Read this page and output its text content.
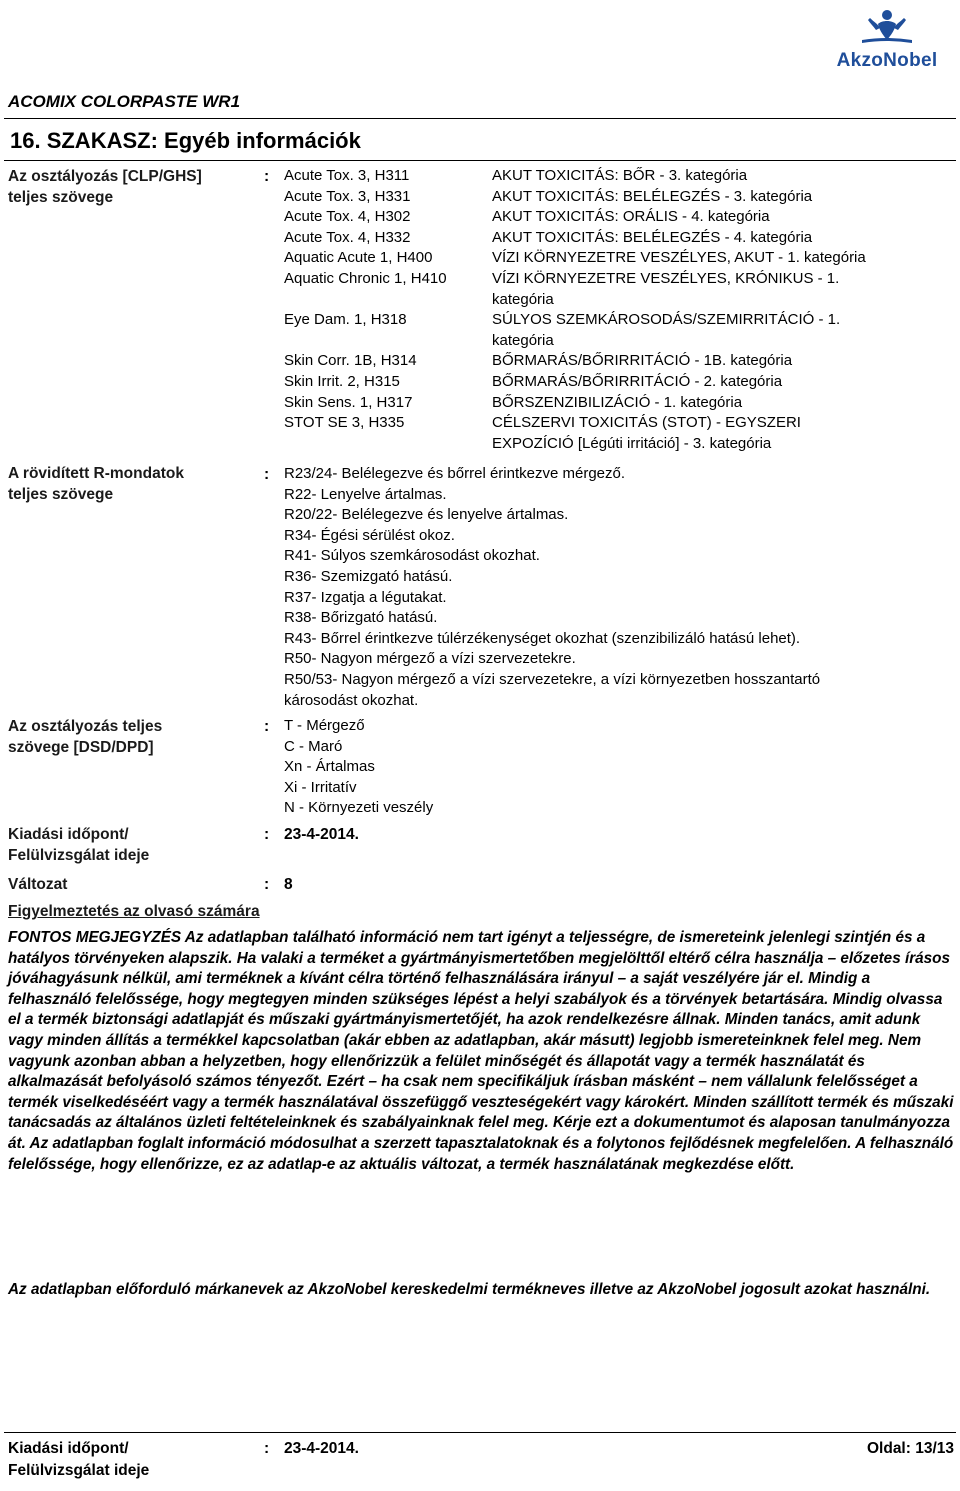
AkzoNobel
ACOMIX COLORPASTE WR1
16. SZAKASZ: Egyéb információk
Az osztályozás [CLP/GHS]
teljes szövege
: Acute Tox. 3, H311	AKUT TOXICITÁS: BŐR - 3. kategória
Acute Tox. 3, H331	AKUT TOXICITÁS: BELÉLEGZÉS - 3. kategória
Acute Tox. 4, H302	AKUT TOXICITÁS: ORÁLIS - 4. kategória
Acute Tox. 4, H332	AKUT TOXICITÁS: BELÉLEGZÉS - 4. kategória
Aquatic Acute 1, H400	VÍZI KÖRNYEZETRE VESZÉLYES, AKUT - 1. kategória
Aquatic Chronic 1, H410	VÍZI KÖRNYEZETRE VESZÉLYES, KRÓNIKUS - 1.
kategória
Eye Dam. 1, H318	SÚLYOS SZEMKÁROSODÁS/SZEMIRRITÁCIÓ - 1.
kategória
Skin Corr. 1B, H314	BŐRMARÁS/BŐRIRRITÁCIÓ - 1B. kategória
Skin Irrit. 2, H315	BŐRMARÁS/BŐRIRRITÁCIÓ - 2. kategória
Skin Sens. 1, H317	BŐRSZENZIBILIZÁCIÓ - 1. kategória
STOT SE 3, H335	CÉLSZERVI TOXICITÁS (STOT) - EGYSZERI
EXPOZÍCIÓ [Légúti irritáció] - 3. kategória
A rövidített R-mondatok
teljes szövege
: R23/24- Belélegezve és bőrrel érintkezve mérgező.
R22- Lenyelve ártalmas.
R20/22- Belélegezve és lenyelve ártalmas.
R34- Égési sérülést okoz.
R41- Súlyos szemkárosodást okozhat.
R36- Szemizgató hatású.
R37- Izgatja a légutakat.
R38- Bőrizgató hatású.
R43- Bőrrel érintkezve túlérzékenységet okozhat (szenzibilizáló hatású lehet).
R50- Nagyon mérgező a vízi szervezetekre.
R50/53- Nagyon mérgező a vízi szervezetekre, a vízi környezetben hosszantartó
károsodást okozhat.
Az osztályozás teljes
szövege [DSD/DPD]
: T - Mérgező
C - Maró
Xn - Ártalmas
Xi - Irritatív
N - Környezeti veszély
Kiadási időpont/
Felülvizsgálat ideje
: 23-4-2014.
Változat	: 8
Figyelmeztetés az olvasó számára
FONTOS MEGJEGYZÉS Az adatlapban található információ nem tart igényt a teljességre, de ismereteink jelenlegi szintjén és a hatályos törvényeken alapszik. Ha valaki a terméket a gyártmányismertetőben megjelölttől eltérő célra használja – előzetes írásos jóváhagyásunk nélkül, ami terméknek a kívánt célra történő felhasználására irányul – a saját veszélyére jár el. Mindig a felhasználó felelőssége, hogy megtegyen minden szükséges lépést a helyi szabályok és a törvények betartására. Mindig olvassa el a termék biztonsági adatlapját és műszaki gyártmányismertetőjét, ha azok rendelkezésre állnak. Minden tanács, amit adunk vagy minden állítás a termékkel kapcsolatban (akár ebben az adatlapban, akár másutt) legjobb ismereteinknek felel meg. Nem vagyunk azonban abban a helyzetben, hogy ellenőrizzük a felület minőségét és állapotát vagy a termék használatát és alkalmazását befolyásoló számos tényezőt. Ezért – ha csak nem specifikáljuk írásban másként – nem vállalunk felelősséget a termék viselkedéséért vagy a termék használatával összefüggő veszteségekért vagy károkért. Minden szállított termék és műszaki tanácsadás az általános üzleti feltételeinknek és szabályainknak felel meg. Kérje ezt a dokumentumot és alaposan tanulmányozza át. Az adatlapban foglalt információ módosulhat a szerzett tapasztalatoknak és a folytonos fejlődésnek megfelelően. A felhasználó felelőssége, hogy ellenőrizze, ez az adatlap-e az aktuális változat, a termék használatának megkezdése előtt.
Az adatlapban előforduló márkanevek az AkzoNobel kereskedelmi termékneves illetve az AkzoNobel jogosult azokat használni.
Kiadási időpont/
Felülvizsgálat ideje
: 23-4-2014.	Oldal: 13/13
